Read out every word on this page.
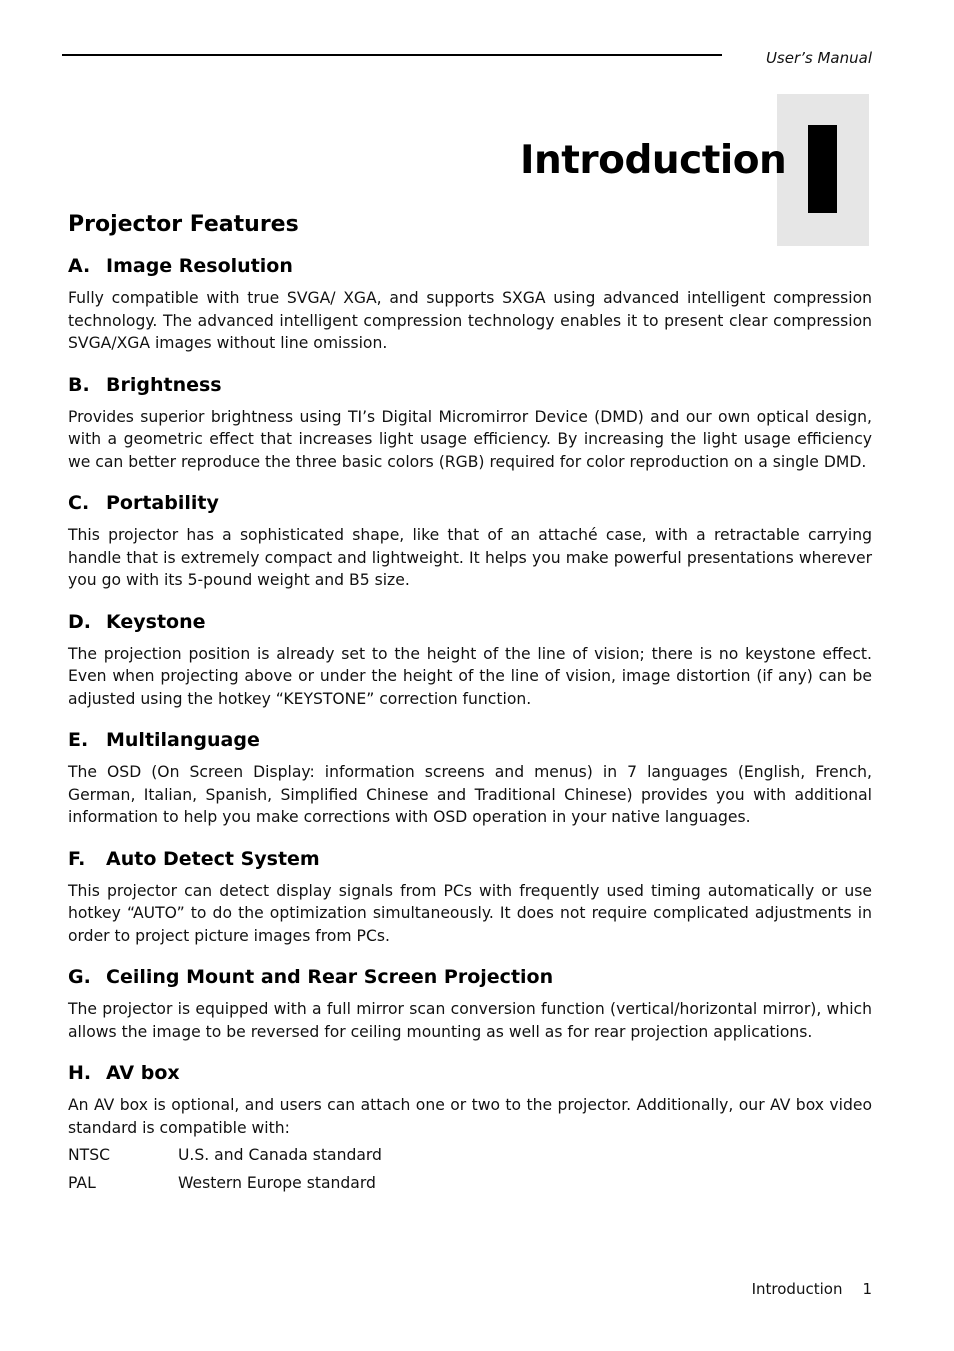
User’s Manual
Introduction
Projector Features
A. Image Resolution

Fully compatible with true SVGA/ XGA, and supports SXGA using advanced intelligent compression technology. The advanced intelligent compression technology enables it to present clear compression SVGA/XGA images without line omission.

B. Brightness

Provides superior brightness using TI’s Digital Micromirror Device (DMD) and our own optical design, with a geometric effect that increases light usage efficiency. By increasing the light usage efficiency we can better reproduce the three basic colors (RGB) required for color reproduction on a single DMD.

C. Portability

This projector has a sophisticated shape, like that of an attaché case, with a retractable carrying handle that is extremely compact and lightweight. It helps you make powerful presentations wherever you go with its 5-pound weight and B5 size.

D. Keystone

The projection position is already set to the height of the line of vision; there is no keystone effect. Even when projecting above or under the height of the line of vision, image distortion (if any) can be adjusted using the hotkey “KEYSTONE” correction function.

E. Multilanguage

The OSD (On Screen Display: information screens and menus) in 7 languages (English, French, German, Italian, Spanish, Simplified Chinese and Traditional Chinese) provides you with additional information to help you make corrections with OSD operation in your native languages.

F.	Auto Detect System

This projector can detect display signals from PCs with frequently used timing automatically or use hotkey “AUTO” to do the optimization simultaneously. It does not require complicated adjustments in order to project picture images from PCs.

G. Ceiling Mount and Rear Screen Projection

The projector is equipped with a full mirror scan conversion function (vertical/horizontal mirror), which allows the image to be reversed for ceiling mounting as well as for rear projection applications.

H. AV box

An AV box is optional, and users can attach one or two to the projector. Additionally, our AV box video standard is compatible with:

NTSC	U.S. and Canada standard
PAL	Western Europe standard
Introduction 1
